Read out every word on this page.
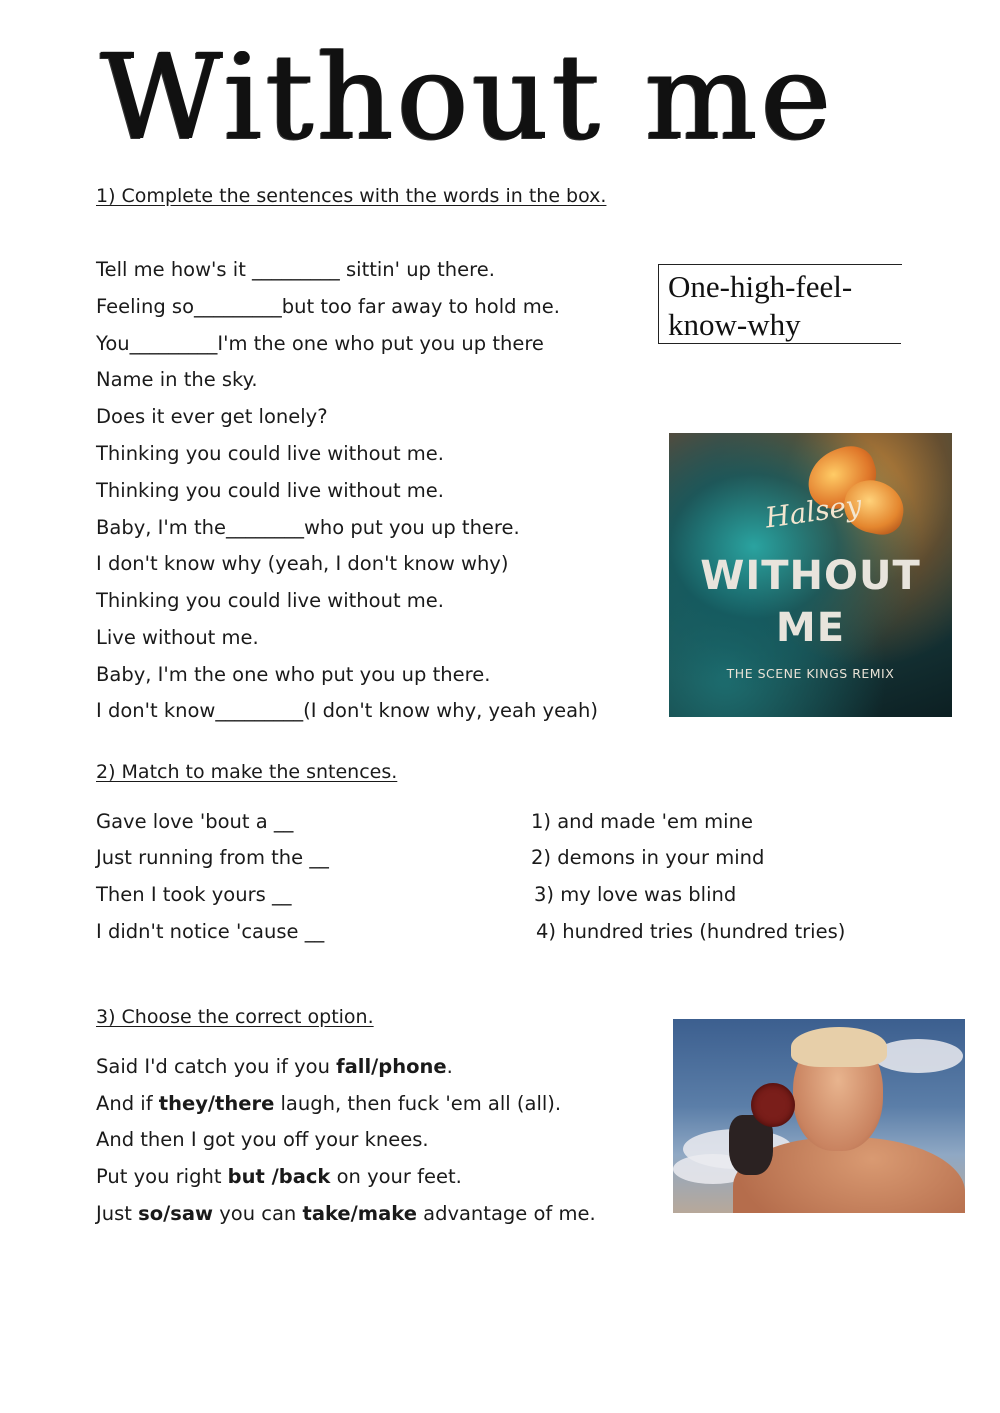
Without me
1) Complete the sentences with the words in the box.
Tell me how's it _________ sittin' up there.
Feeling so_________but too far away to hold me.
You_________I'm the one who put you up there
Name in the sky.
Does it ever get lonely?
Thinking you could live without me.
Thinking you could live without me.
Baby, I'm the________who put you up there.
I don't know why (yeah, I don't know why)
Thinking you could live without me.
Live without me.
Baby, I'm the one who put you up there.
I don't know_________(I don't know why, yeah yeah)
One-high-feel-know-why
Halsey
WITHOUT
ME
THE SCENE KINGS REMIX
2) Match to make the sntences.
Gave love 'bout a __
Just running from the __
Then I took yours __
I didn't notice 'cause __
1) and made 'em mine
2) demons in your mind
3) my love was blind
4) hundred tries (hundred tries)
3) Choose the correct option.
Said I'd catch you if you fall/phone.
And if they/there laugh, then fuck 'em all (all).
And then I got you off your knees.
Put you right but /back on your feet.
Just so/saw you can take/make advantage of me.
